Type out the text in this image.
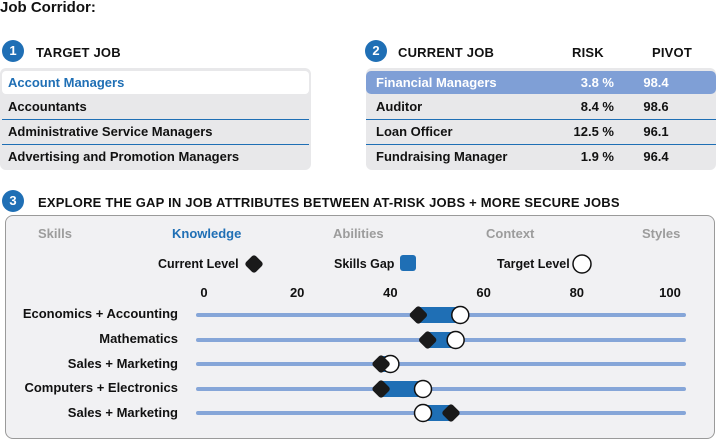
Job Corridor:
1	TARGET JOB
Account Managers
Accountants
Administrative Service Managers
Advertising and Promotion Managers
2	CURRENT JOB	RISK	PIVOT
Financial Managers	3.8 %	98.4
Auditor	8.4 %	98.6
Loan Officer	12.5 %	96.1
Fundraising Manager	1.9 %	96.4
3	EXPLORE THE GAP IN JOB ATTRIBUTES BETWEEN AT-RISK JOBS + MORE SECURE JOBS
Skills	Knowledge	Abilities	Context	Styles
Current Level	Skills Gap	Target Level
Economics + Accounting
Mathematics
Sales + Marketing
Computers + Electronics
Sales + Marketing
0	20	40	60	80	100
